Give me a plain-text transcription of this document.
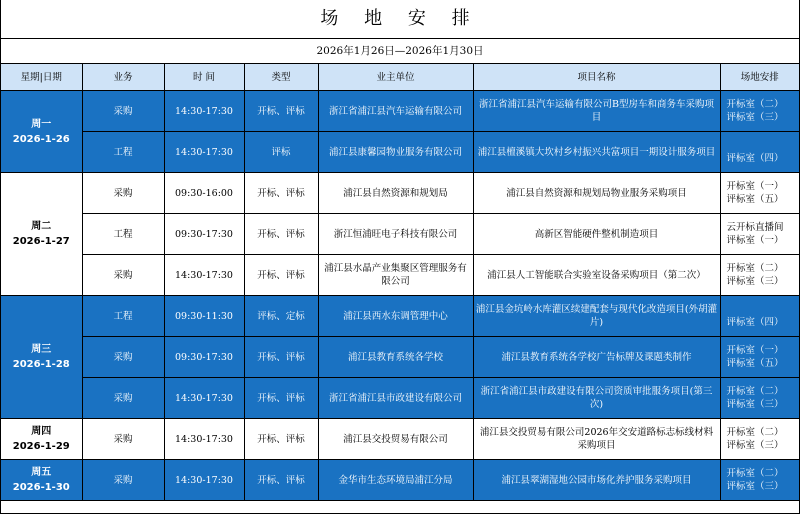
场 地 安 排
2026年1月26日—2026年1月30日
星期|日期	业务	时 间	类型	业主单位	项目名称	场地安排

周一
2026-1-26	采购	14:30-17:30	开标、评标	浙江省浦江县汽车运输有限公司	浙江省浦江县汽车运输有限公司B型房车和商务车采购项目	开标室（二）
评标室（三）

	工程	14:30-17:30	评标	浦江县康馨园物业服务有限公司	浦江县檀溪镇大坎村乡村振兴共富项目一期设计服务项目	评标室（四）

周二
2026-1-27	采购	09:30-16:00	开标、评标	浦江县自然资源和规划局	浦江县自然资源和规划局物业服务采购项目	开标室（一）
评标室（五）

	工程	09:30-17:30	开标、评标	浙江恒浦旺电子科技有限公司	高新区智能硬件整机制造项目	云开标直播间
评标室（一）

	采购	14:30-17:30	开标、评标	浦江县水晶产业集聚区管理服务有限公司	浦江县人工智能联合实验室设备采购项目（第二次）	开标室（二）
评标室（三）

周三
2026-1-28	工程	09:30-11:30	评标、定标	浦江县西水东调管理中心	浦江县金坑岭水库灌区续建配套与现代化改造项目(外胡灌片)	评标室（四）

	采购	09:30-17:30	开标、评标	浦江县教育系统各学校	浦江县教育系统各学校广告标牌及课题类制作	开标室（一）
评标室（五）

	采购	14:30-17:30	开标、评标	浙江省浦江县市政建设有限公司	浙江省浦江县市政建设有限公司资质审批服务项目(第三次)	开标室（二）
评标室（三）

周四
2026-1-29	采购	14:30-17:30	开标、评标	浦江县交投贸易有限公司	浦江县交投贸易有限公司2026年交安道路标志标线材料采购项目	开标室（二）
评标室（三）

周五
2026-1-30	采购	14:30-17:30	开标、评标	金华市生态环境局浦江分局	浦江县翠湖湿地公园市场化养护服务采购项目	开标室（二）
评标室（三）
